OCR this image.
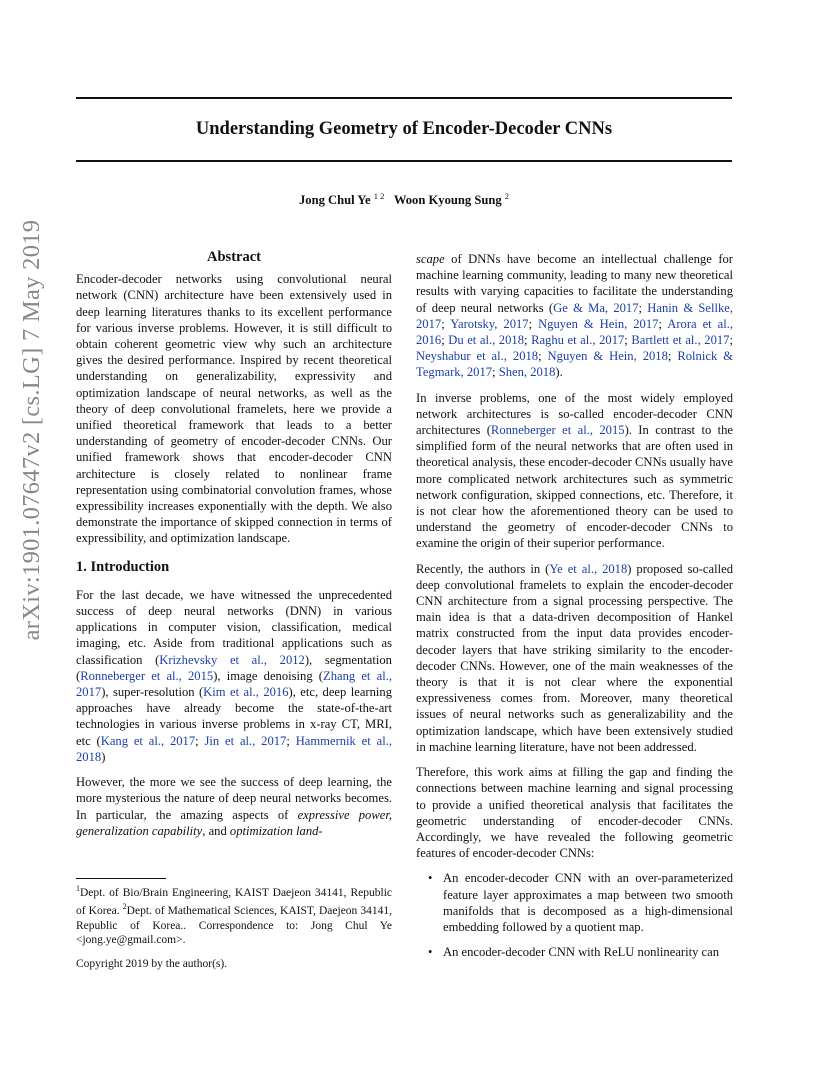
Understanding Geometry of Encoder-Decoder CNNs
Jong Chul Ye $^{1 2}$ Woon Kyoung Sung $^2$
arXiv:1901.07647v2 [cs.LG] 7 May 2019	Abstract

Encoder-decoder networks using convolutional neural network (CNN) architecture have been extensively used in deep learning literatures thanks to its excellent performance for various inverse problems. However, it is still difficult to obtain coherent geometric view why such an architecture gives the desired performance. Inspired by recent theoretical understanding on generalizability, expressivity and optimization landscape of neural networks, as well as the theory of deep convolutional framelets, here we provide a unified theoretical framework that leads to a better understanding of geometry of encoder-decoder CNNs. Our unified framework shows that encoder-decoder CNN architecture is closely related to nonlinear frame representation using combinatorial convolution frames, whose expressibility increases exponentially with the depth. We also demonstrate the importance of skipped connection in terms of expressibility, and optimization landscape.

1. Introduction

For the last decade, we have witnessed the unprecedented success of deep neural networks (DNN) in various applications in computer vision, classification, medical imaging, etc. Aside from traditional applications such as classification (Krizhevsky et al., 2012), segmentation (Ronneberger et al., 2015), image denoising (Zhang et al., 2017), super-resolution (Kim et al., 2016), etc, deep learning approaches have already become the state-of-the-art technologies in various inverse problems in x-ray CT, MRI, etc (Kang et al., 2017; Jin et al., 2017; Hammernik et al., 2018)

However, the more we see the success of deep learning, the more mysterious the nature of deep neural networks becomes. In particular, the amazing aspects of expressive power, generalization capability, and optimization land-

$^1$Dept. of Bio/Brain Engineering, KAIST Daejeon 34141, Republic of Korea. $^2$Dept. of Mathematical Sciences, KAIST, Daejeon 34141, Republic of Korea.. Correspondence to: Jong Chul Ye <jong.ye@gmail.com>.
Copyright 2019 by the author(s).

scape of DNNs have become an intellectual challenge for machine learning community, leading to many new theoretical results with varying capacities to facilitate the understanding of deep neural networks (Ge & Ma, 2017; Hanin & Sellke, 2017; Yarotsky, 2017; Nguyen & Hein, 2017; Arora et al., 2016; Du et al., 2018; Raghu et al., 2017; Bartlett et al., 2017; Neyshabur et al., 2018; Nguyen & Hein, 2018; Rolnick & Tegmark, 2017; Shen, 2018).

In inverse problems, one of the most widely employed network architectures is so-called encoder-decoder CNN architectures (Ronneberger et al., 2015). In contrast to the simplified form of the neural networks that are often used in theoretical analysis, these encoder-decoder CNNs usually have more complicated network architectures such as symmetric network configuration, skipped connections, etc. Therefore, it is not clear how the aforementioned theory can be used to understand the geometry of encoder-decoder CNNs to examine the origin of their superior performance.

Recently, the authors in (Ye et al., 2018) proposed so-called deep convolutional framelets to explain the encoder-decoder CNN architecture from a signal processing perspective. The main idea is that a data-driven decomposition of Hankel matrix constructed from the input data provides encoder-decoder layers that have striking similarity to the encoder-decoder CNNs. However, one of the main weaknesses of the theory is that it is not clear where the exponential expressiveness comes from. Moreover, many theoretical issues of neural networks such as generalizability and the optimization landscape, which have been extensively studied in machine learning literature, have not been addressed.

Therefore, this work aims at filling the gap and finding the connections between machine learning and signal processing to provide a unified theoretical analysis that facilitates the geometric understanding of encoder-decoder CNNs. Accordingly, we have revealed the following geometric features of encoder-decoder CNNs:

• An encoder-decoder CNN with an over-parameterized feature layer approximates a map between two smooth manifolds that is decomposed as a high-dimensional embedding followed by a quotient map.
• An encoder-decoder CNN with ReLU nonlinearity can
